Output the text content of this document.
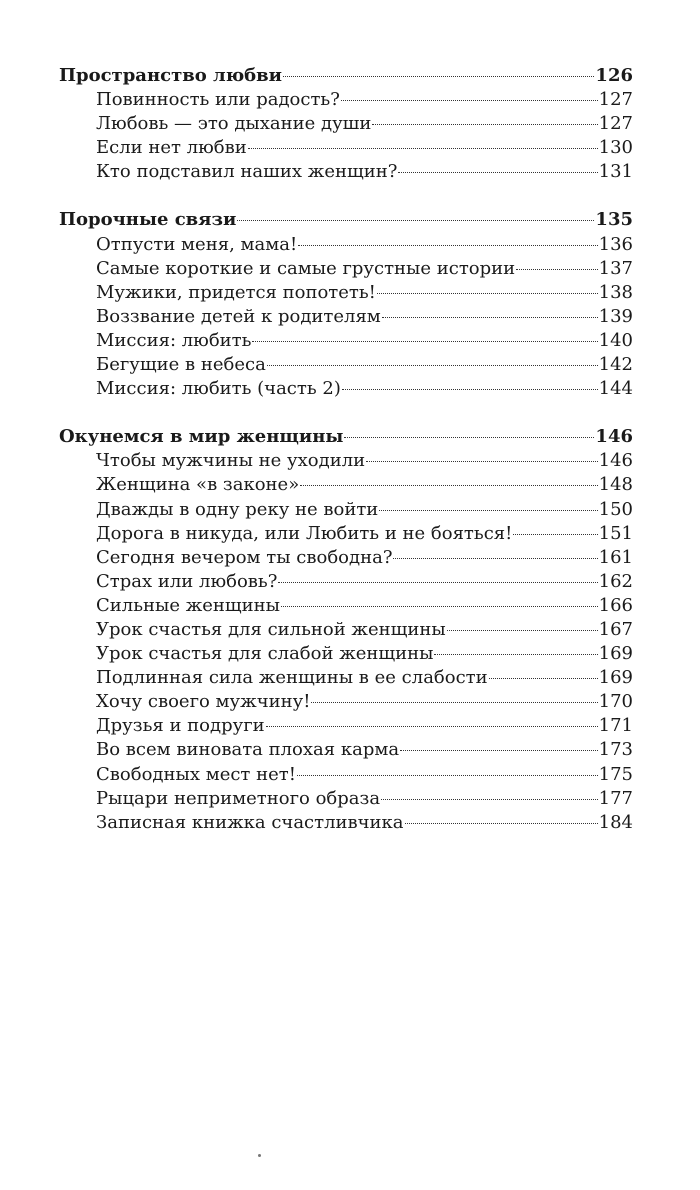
Пространство любви	126
Повинность или радость?	127
Любовь — это дыхание души	127
Если нет любви	130
Кто подставил наших женщин?	131
Порочные связи	135
Отпусти меня, мама!	136
Самые короткие и самые грустные истории	137
Мужики, придется попотеть!	138
Воззвание детей к родителям	139
Миссия: любить	140
Бегущие в небеса	142
Миссия: любить (часть 2)	144
Окунемся в мир женщины	146
Чтобы мужчины не уходили	146
Женщина «в законе»	148
Дважды в одну реку не войти	150
Дорога в никуда, или Любить и не бояться!	151
Сегодня вечером ты свободна?	161
Страх или любовь?	162
Сильные женщины	166
Урок счастья для сильной женщины	167
Урок счастья для слабой женщины	169
Подлинная сила женщины в ее слабости	169
Хочу своего мужчину!	170
Друзья и подруги	171
Во всем виновата плохая карма	173
Свободных мест нет!	175
Рыцари неприметного образа	177
Записная книжка счастливчика	184
